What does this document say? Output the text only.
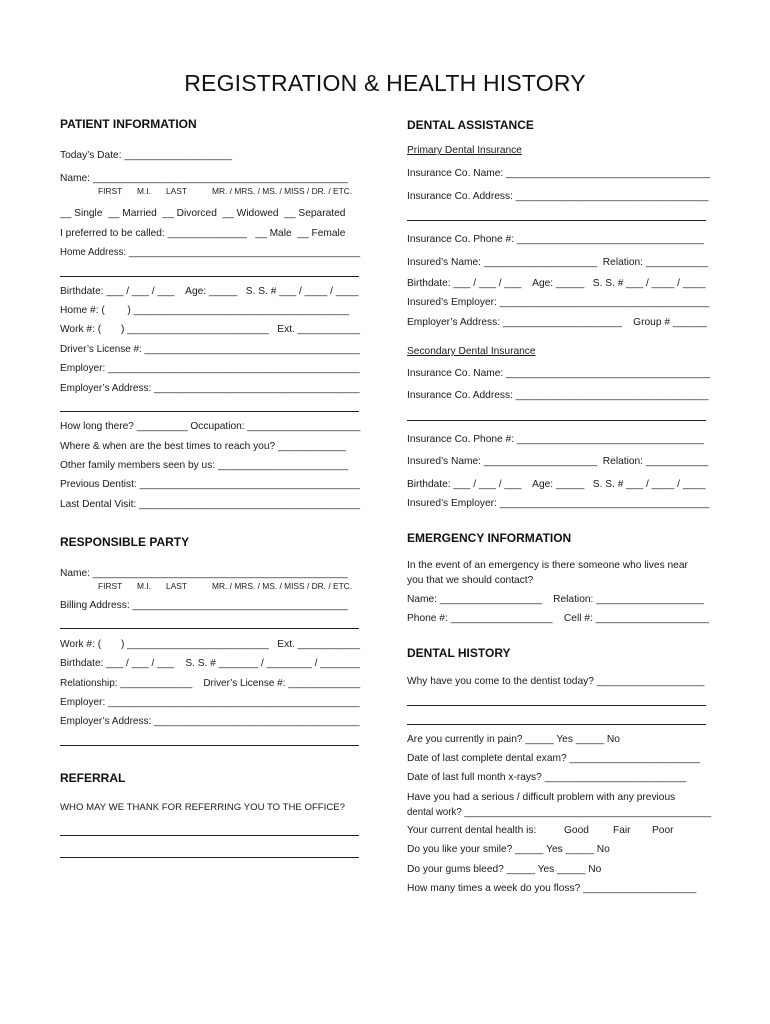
REGISTRATION & HEALTH HISTORY
PATIENT INFORMATION
Today’s Date: ___________________
Name: _____________________________________________
FIRST M.I. LAST	MR. / MRS. / MS. / MISS / DR. / ETC.
__ Single  __ Married  __ Divorced  __ Widowed  __ Separated
I preferred to be called: ______________   __ Male  __ Female
Home Address: ___________________________________________
Birthdate: ___ / ___ / ___    Age: _____   S. S. # ___ / ____ / ____
Home #: (        ) ______________________________________
Work #: (       ) _________________________   Ext. ___________
Driver’s License #: _______________________________________
Employer: _____________________________________________
Employer’s Address: _____________________________________
How long there? _________ Occupation: ____________________
Where & when are the best times to reach you? ____________
Other family members seen by us: _______________________
Previous Dentist: _______________________________________
Last Dental Visit: _______________________________________
RESPONSIBLE PARTY
Name: _____________________________________________
FIRST M.I. LAST	MR. / MRS. / MS. / MISS / DR. / ETC.
Billing Address: ______________________________________
Work #: (       ) _________________________   Ext. ___________
Birthdate: ___ / ___ / ___    S. S. # _______ / ________ / _______
Relationship: _____________    Driver’s License #: _____________
Employer: _____________________________________________
Employer’s Address: _____________________________________
REFERRAL
WHO MAY WE THANK FOR REFERRING YOU TO THE OFFICE?
DENTAL ASSISTANCE
Primary Dental Insurance
Insurance Co. Name: ____________________________________
Insurance Co. Address: __________________________________
Insurance Co. Phone #: _________________________________
Insured’s Name: ____________________  Relation: ___________
Birthdate: ___ / ___ / ___    Age: _____   S. S. # ___ / ____ / ____
Insured’s Employer: _____________________________________
Employer’s Address: _____________________    Group # ______
Secondary Dental Insurance
Insurance Co. Name: ____________________________________
Insurance Co. Address: __________________________________
Insurance Co. Phone #: _________________________________
Insured’s Name: ____________________  Relation: ___________
Birthdate: ___ / ___ / ___    Age: _____   S. S. # ___ / ____ / ____
Insured’s Employer: _____________________________________
EMERGENCY INFORMATION
In the event of an emergency is there someone who lives near
you that we should contact?
Name: __________________    Relation: ___________________
Phone #: __________________    Cell #: ____________________
DENTAL HISTORY
Why have you come to the dentist today? ___________________
Are you currently in pain? _____ Yes _____ No
Date of last complete dental exam? _______________________
Date of last full month x-rays? _________________________
Have you had a serious / difficult problem with any previous
dental work? ______________________________________________
Your current dental health is:	Good Fair Poor
Do you like your smile? _____ Yes _____ No
Do your gums bleed? _____ Yes _____ No
How many times a week do you floss? ____________________
